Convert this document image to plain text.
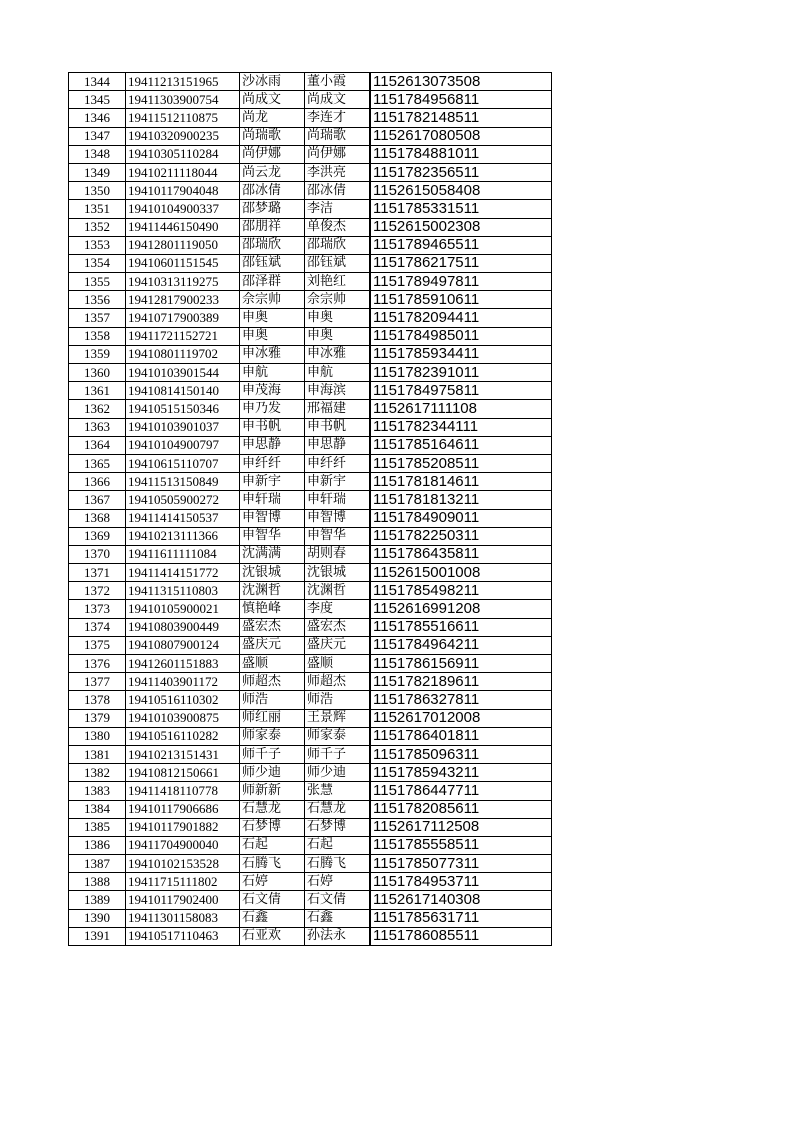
1344	19411213151965	沙冰雨	董小霞	1152613073508
1345	19411303900754	尚成文	尚成文	1151784956811
1346	19411512110875	尚龙	李连才	1151782148511
1347	19410320900235	尚瑞歌	尚瑞歌	1152617080508
1348	19410305110284	尚伊娜	尚伊娜	1151784881011
1349	19410211118044	尚云龙	李洪亮	1151782356511
1350	19410117904048	邵冰倩	邵冰倩	1152615058408
1351	19410104900337	邵梦璐	李洁	1151785331511
1352	19411446150490	邵朋祥	单俊杰	1152615002308
1353	19412801119050	邵瑞欣	邵瑞欣	1151789465511
1354	19410601151545	邵钰斌	邵钰斌	1151786217511
1355	19410313119275	邵泽群	刘艳红	1151789497811
1356	19412817900233	佘宗帅	佘宗帅	1151785910611
1357	19410717900389	申奥	申奥	1151782094411
1358	19411721152721	申奥	申奥	1151784985011
1359	19410801119702	申冰雅	申冰雅	1151785934411
1360	19410103901544	申航	申航	1151782391011
1361	19410814150140	申茂海	申海滨	1151784975811
1362	19410515150346	申乃发	邢福建	1152617111108
1363	19410103901037	申书帆	申书帆	1151782344111
1364	19410104900797	申思静	申思静	1151785164611
1365	19410615110707	申纤纤	申纤纤	1151785208511
1366	19411513150849	申新宇	申新宇	1151781814611
1367	19410505900272	申轩瑞	申轩瑞	1151781813211
1368	19411414150537	申智博	申智博	1151784909011
1369	19410213111366	申智华	申智华	1151782250311
1370	19411611111084	沈满满	胡则春	1151786435811
1371	19411414151772	沈银城	沈银城	1152615001008
1372	19411315110803	沈渊哲	沈渊哲	1151785498211
1373	19410105900021	慎艳峰	李度	1152616991208
1374	19410803900449	盛宏杰	盛宏杰	1151785516611
1375	19410807900124	盛庆元	盛庆元	1151784964211
1376	19412601151883	盛顺	盛顺	1151786156911
1377	19411403901172	师超杰	师超杰	1151782189611
1378	19410516110302	师浩	师浩	1151786327811
1379	19410103900875	师红丽	王景辉	1152617012008
1380	19410516110282	师家泰	师家泰	1151786401811
1381	19410213151431	师千子	师千子	1151785096311
1382	19410812150661	师少迪	师少迪	1151785943211
1383	19411418110778	师新新	张慧	1151786447711
1384	19410117906686	石慧龙	石慧龙	1151782085611
1385	19410117901882	石梦博	石梦博	1152617112508
1386	19411704900040	石起	石起	1151785558511
1387	19410102153528	石腾飞	石腾飞	1151785077311
1388	19411715111802	石婷	石婷	1151784953711
1389	19410117902400	石文倩	石文倩	1152617140308
1390	19411301158083	石鑫	石鑫	1151785631711
1391	19410517110463	石亚欢	孙法永	1151786085511
